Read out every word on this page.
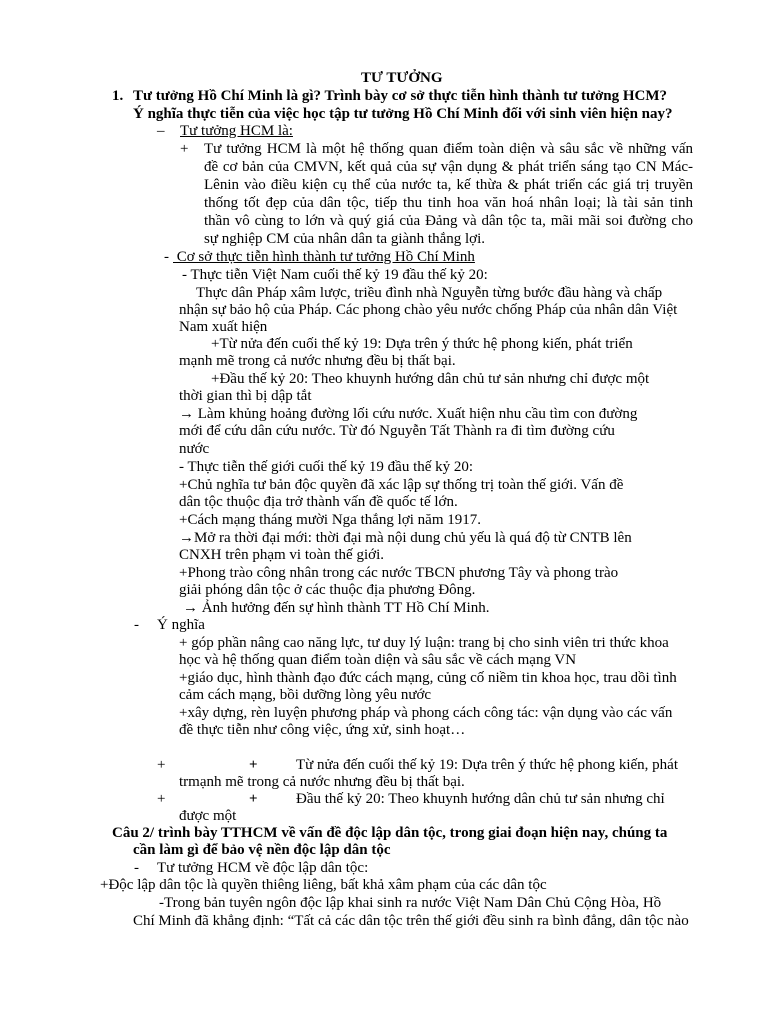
TƯ TƯỞNG
1. Tư tưởng Hồ Chí Minh là gì? Trình bày cơ sở thực tiễn hình thành tư tưởng HCM?
Ý nghĩa thực tiễn của việc học tập tư tưởng Hồ Chí Minh đối với sinh viên hiện nay?
– Tư tưởng HCM là:
+ Tư tưởng HCM là một hệ thống quan điểm toàn diện và sâu sắc về những vấn
đề cơ bản của CMVN, kết quả của sự vận dụng & phát triển sáng tạo CN Mác-
Lênin vào điều kiện cụ thể của nước ta, kế thừa & phát triển các giá trị truyền
thống tốt đẹp của dân tộc, tiếp thu tinh hoa văn hoá nhân loại; là tài sản tinh
thần vô cùng to lớn và quý giá của Đảng và dân tộc ta, mãi mãi soi đường cho
sự nghiệp CM của nhân dân ta giành thắng lợi.
- Cơ sở thực tiễn hình thành tư tưởng Hồ Chí Minh
- Thực tiễn Việt Nam cuối thế kỷ 19 đầu thế kỷ 20:
Thực dân Pháp xâm lược, triều đình nhà Nguyễn từng bước đầu hàng và chấp
nhận sự bảo hộ của Pháp. Các phong chào yêu nước chống Pháp của nhân dân Việt
Nam xuất hiện
+Từ nửa đến cuối thế kỷ 19: Dựa trên ý thức hệ phong kiến, phát triển
mạnh mẽ trong cả nước nhưng đều bị thất bại.
+Đầu thế kỷ 20: Theo khuynh hướng dân chủ tư sản nhưng chỉ được một
thời gian thì bị dập tắt
→ Làm khủng hoảng đường lối cứu nước. Xuất hiện nhu cầu tìm con đường
mới để cứu dân cứu nước. Từ đó Nguyễn Tất Thành ra đi tìm đường cứu
nước
- Thực tiễn thế giới cuối thế kỷ 19 đầu thế kỷ 20:
+Chủ nghĩa tư bản độc quyền đã xác lập sự thống trị toàn thế giới. Vấn đề
dân tộc thuộc địa trở thành vấn đề quốc tế lớn.
+Cách mạng tháng mười Nga thắng lợi năm 1917.
→Mở ra thời đại mới: thời đại mà nội dung chủ yếu là quá độ từ CNTB lên
CNXH trên phạm vi toàn thế giới.
+Phong trào công nhân trong các nước TBCN phương Tây và phong trào
giải phóng dân tộc ở các thuộc địa phương Đông.
→ Ảnh hưởng đến sự hình thành TT Hồ Chí Minh.
- Ý nghĩa
+ góp phần nâng cao năng lực, tư duy lý luận: trang bị cho sinh viên tri thức khoa
học và hệ thống quan điểm toàn diện và sâu sắc về cách mạng VN
+giáo dục, hình thành đạo đức cách mạng, củng cố niềm tin khoa học, trau dồi tình
cảm cách mạng, bồi dưỡng lòng yêu nước
+xây dựng, rèn luyện phương pháp và phong cách công tác: vận dụng vào các vấn
đề thực tiễn như công việc, ứng xử, sinh hoạt…
+	+	Từ nửa đến cuối thế kỷ 19: Dựa trên ý thức hệ phong kiến, phát
trmạnh mẽ trong cả nước nhưng đều bị thất bại.
+	+	Đầu thế kỷ 20: Theo khuynh hướng dân chủ tư sản nhưng chỉ
được một
Câu 2/ trình bày TTHCM về vấn đề độc lập dân tộc, trong giai đoạn hiện nay, chúng ta
cần làm gì để bảo vệ nền độc lập dân tộc
- Tư tưởng HCM về độc lập dân tộc:
+Độc lập dân tộc là quyền thiêng liêng, bất khả xâm phạm của các dân tộc
-Trong bản tuyên ngôn độc lập khai sinh ra nước Việt Nam Dân Chủ Cộng Hòa, Hồ
Chí Minh đã khẳng định: “Tất cả các dân tộc trên thế giới đều sinh ra bình đẳng, dân tộc nào
